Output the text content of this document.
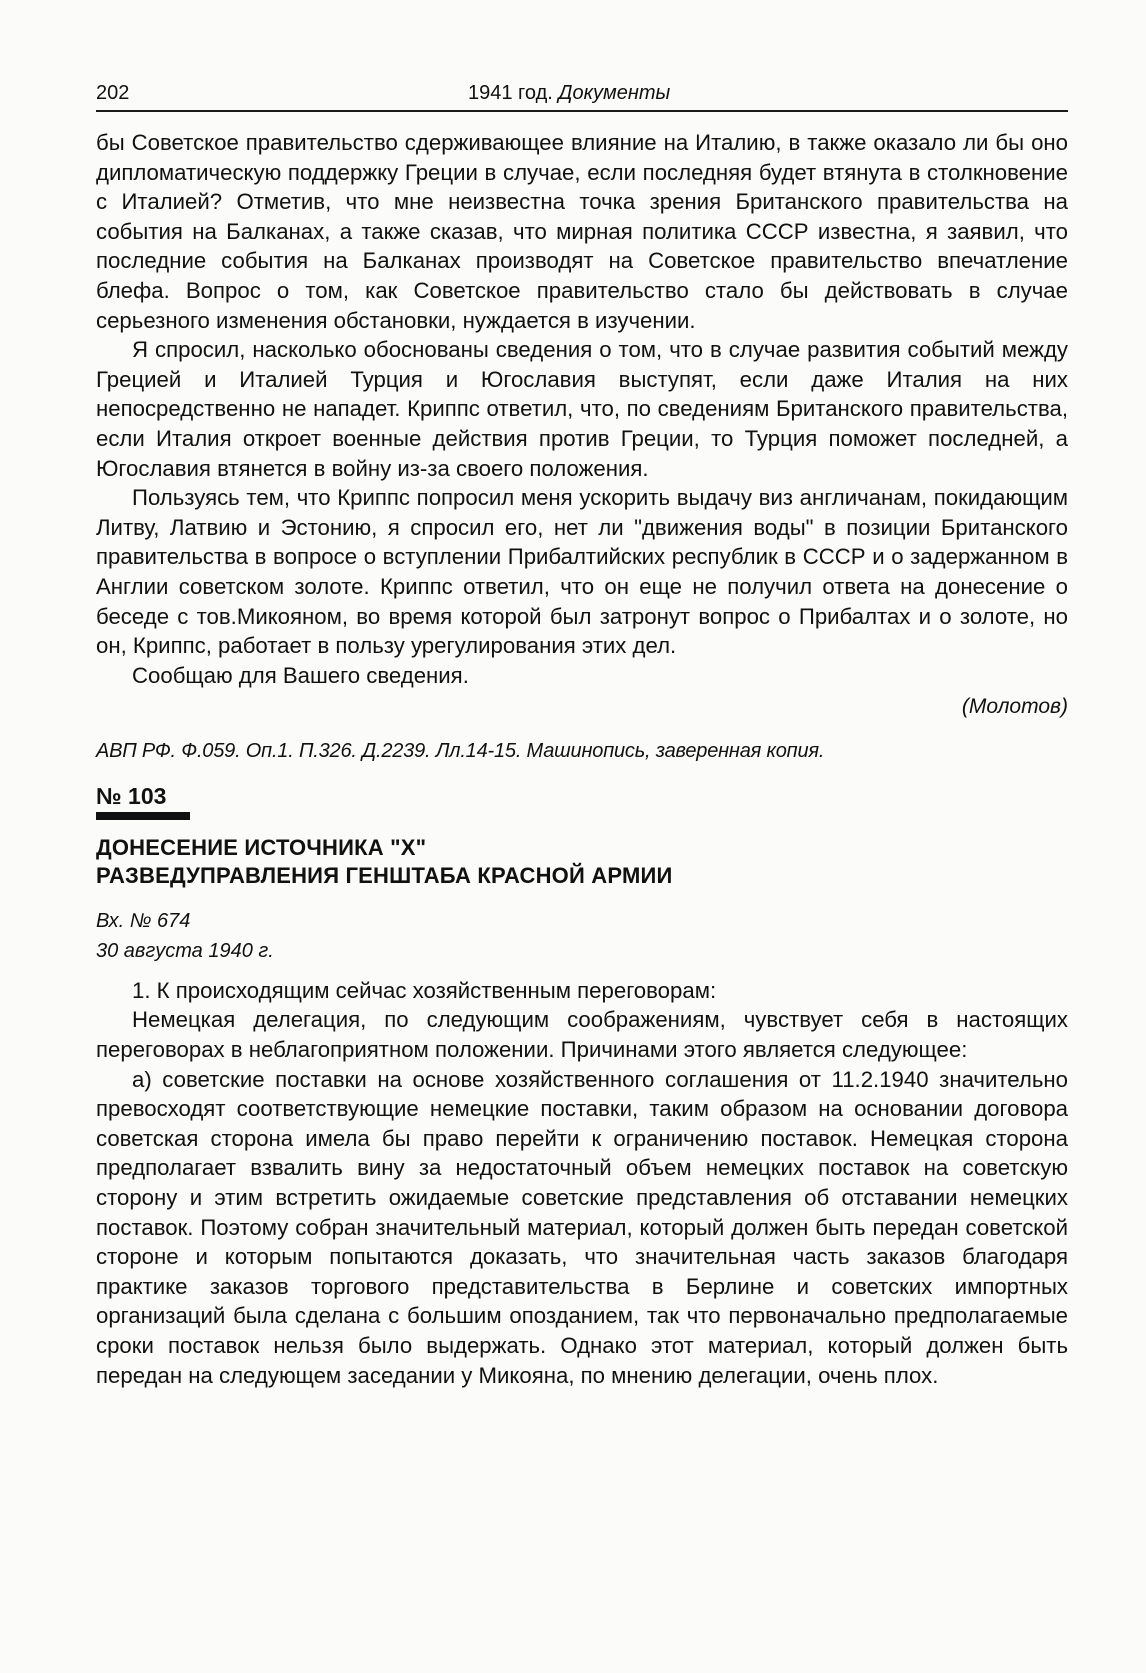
202	1941 год. Документы

бы Советское правительство сдерживающее влияние на Италию, в также оказало ли бы оно дипломатическую поддержку Греции в случае, если последняя будет втянута в столкновение с Италией? Отметив, что мне неизвестна точка зрения Британского правительства на события на Балканах, а также сказав, что мирная политика СССР известна, я заявил, что последние события на Балканах производят на Советское правительство впечатление блефа. Вопрос о том, как Советское правительство стало бы действовать в случае серьезного изменения обстановки, нуждается в изучении.

Я спросил, насколько обоснованы сведения о том, что в случае развития событий между Грецией и Италией Турция и Югославия выступят, если даже Италия на них непосредственно не нападет. Криппс ответил, что, по сведениям Британского правительства, если Италия откроет военные действия против Греции, то Турция поможет последней, а Югославия втянется в войну из-за своего положения.

Пользуясь тем, что Криппс попросил меня ускорить выдачу виз англичанам, покидающим Литву, Латвию и Эстонию, я спросил его, нет ли "движения воды" в позиции Британского правительства в вопросе о вступлении Прибалтийских республик в СССР и о задержанном в Англии советском золоте. Криппс ответил, что он еще не получил ответа на донесение о беседе с тов.Микояном, во время которой был затронут вопрос о Прибалтах и о золоте, но он, Криппс, работает в пользу урегулирования этих дел.

Сообщаю для Вашего сведения.

(Молотов)
АВП РФ. Ф.059. Оп.1. П.326. Д.2239. Лл.14-15. Машинопись, заверенная копия.
№ 103
ДОНЕСЕНИЕ ИСТОЧНИКА "Х"
РАЗВЕДУПРАВЛЕНИЯ ГЕНШТАБА КРАСНОЙ АРМИИ
Вх. № 674
30 августа 1940 г.

1. К происходящим сейчас хозяйственным переговорам:

Немецкая делегация, по следующим соображениям, чувствует себя в настоящих переговорах в неблагоприятном положении. Причинами этого является следующее:

а) советские поставки на основе хозяйственного соглашения от 11.2.1940 значительно превосходят соответствующие немецкие поставки, таким образом на основании договора советская сторона имела бы право перейти к ограничению поставок. Немецкая сторона предполагает взвалить вину за недостаточный объем немецких поставок на советскую сторону и этим встретить ожидаемые советские представления об отставании немецких поставок. Поэтому собран значительный материал, который должен быть передан советской стороне и которым попытаются доказать, что значительная часть заказов благодаря практике заказов торгового представительства в Берлине и советских импортных организаций была сделана с большим опозданием, так что первоначально предполагаемые сроки поставок нельзя было выдержать. Однако этот материал, который должен быть передан на следующем заседании у Микояна, по мнению делегации, очень плох.
